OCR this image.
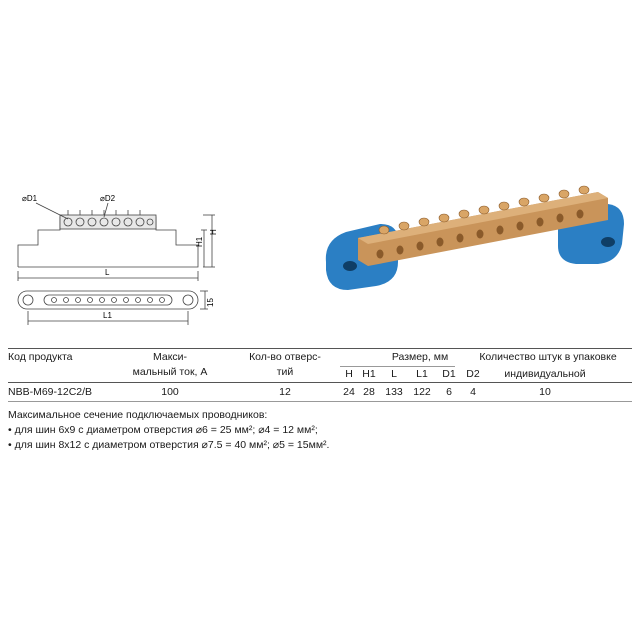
⌀D1	⌀D2
H1
H
L
L1
15
Код продукта	Макси-
мальный ток, А
Кол-во отверс-
тий
Размер, мм	Количество штук в упаковке
индивидуальной
H H1	L	L1	D1	D2
NBB-M69-12C2/B	100	12	24 28 133 122	6	4	10
Максимальное сечение подключаемых проводников:
• для шин 6х9 с диаметром отверстия ⌀6 = 25 мм²; ⌀4 = 12 мм²;
• для шин 8х12 с диаметром отверстия ⌀7.5 = 40 мм²; ⌀5 = 15мм².
